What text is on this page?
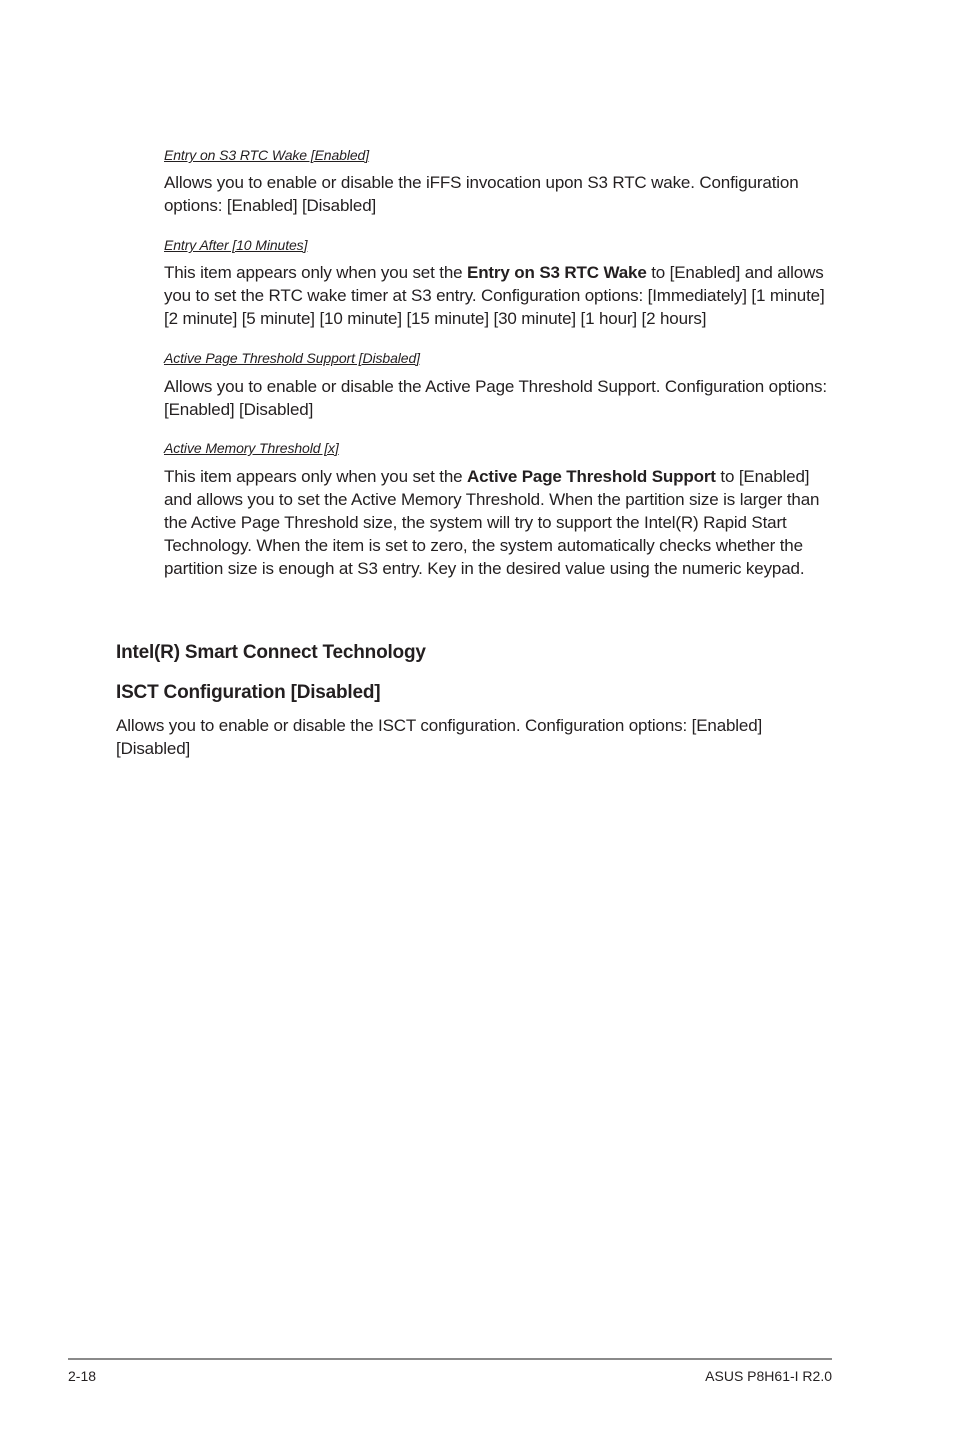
Entry on S3 RTC Wake [Enabled]

Allows you to enable or disable the iFFS invocation upon S3 RTC wake. Configuration options: [Enabled] [Disabled]

Entry After [10 Minutes]

This item appears only when you set the Entry on S3 RTC Wake to [Enabled] and allows you to set the RTC wake timer at S3 entry. Configuration options: [Immediately] [1 minute] [2 minute] [5 minute] [10 minute] [15 minute] [30 minute] [1 hour] [2 hours]

Active Page Threshold Support [Disbaled]

Allows you to enable or disable the Active Page Threshold Support. Configuration options: [Enabled] [Disabled]

Active Memory Threshold [x]

This item appears only when you set the Active Page Threshold Support to [Enabled] and allows you to set the Active Memory Threshold. When the partition size is larger than the Active Page Threshold size, the system will try to support the Intel(R) Rapid Start Technology. When the item is set to zero, the system automatically checks whether the partition size is enough at S3 entry. Key in the desired value using the numeric keypad.

Intel(R) Smart Connect Technology
ISCT Configuration [Disabled]

Allows you to enable or disable the ISCT configuration. Configuration options: [Enabled] [Disabled]

2-18	ASUS P8H61-I R2.0
